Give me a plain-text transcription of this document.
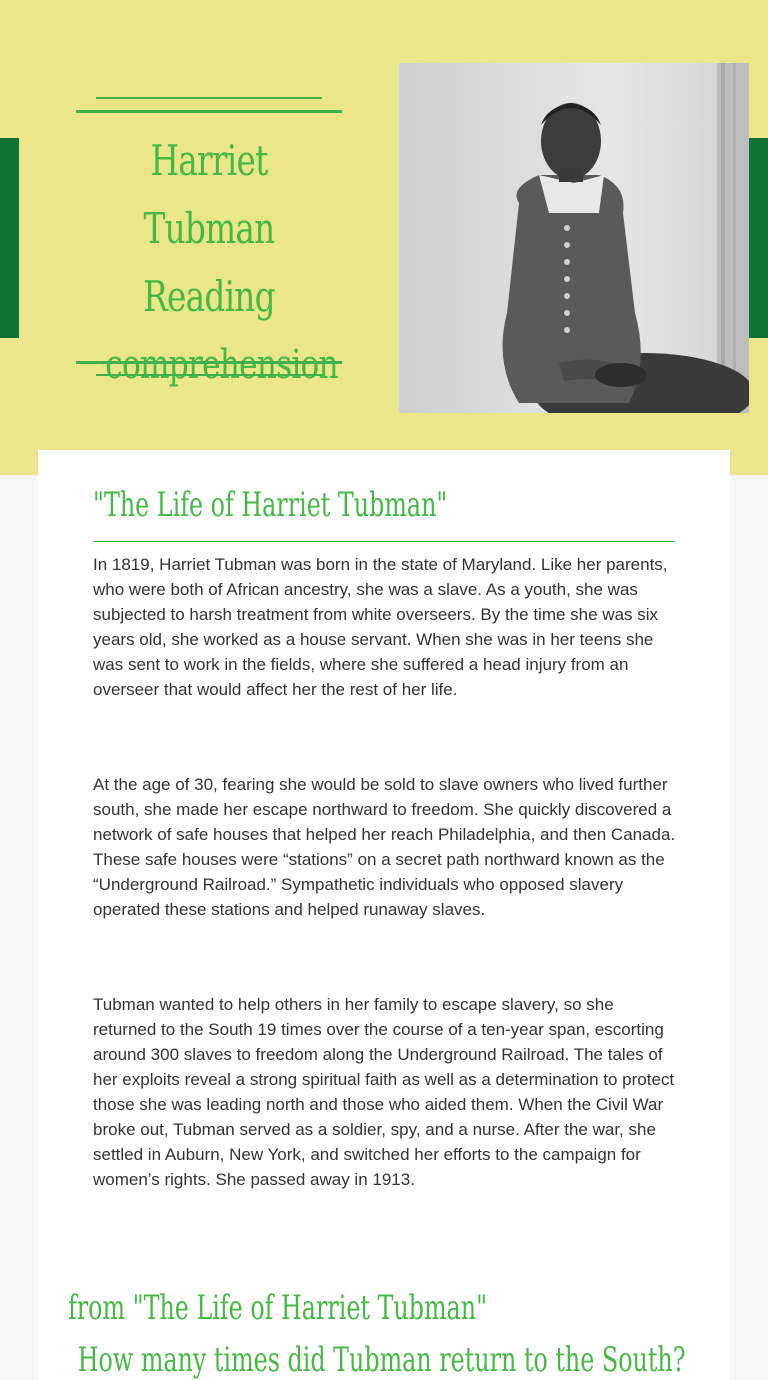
Harriet Tubman
Reading
comprehension
"The Life of Harriet Tubman"

In 1819, Harriet Tubman was born in the state of Maryland. Like her parents, who were both of African ancestry, she was a slave. As a youth, she was subjected to harsh treatment from white overseers. By the time she was six years old, she worked as a house servant. When she was in her teens she was sent to work in the fields, where she suffered a head injury from an overseer that would affect her the rest of her life.

At the age of 30, fearing she would be sold to slave owners who lived further south, she made her escape northward to freedom. She quickly discovered a network of safe houses that helped her reach Philadelphia, and then Canada. These safe houses were “stations” on a secret path northward known as the “Underground Railroad.” Sympathetic individuals who opposed slavery operated these stations and helped runaway slaves.

Tubman wanted to help others in her family to escape slavery, so she returned to the South 19 times over the course of a ten-year span, escorting around 300 slaves to freedom along the Underground Railroad. The tales of her exploits reveal a strong spiritual faith as well as a determination to protect those she was leading north and those who aided them. When the Civil War broke out, Tubman served as a soldier, spy, and a nurse. After the war, she settled in Auburn, New York, and switched her efforts to the campaign for women’s rights. She passed away in 1913.

from "The Life of Harriet Tubman"
How many times did Tubman return to the South?
